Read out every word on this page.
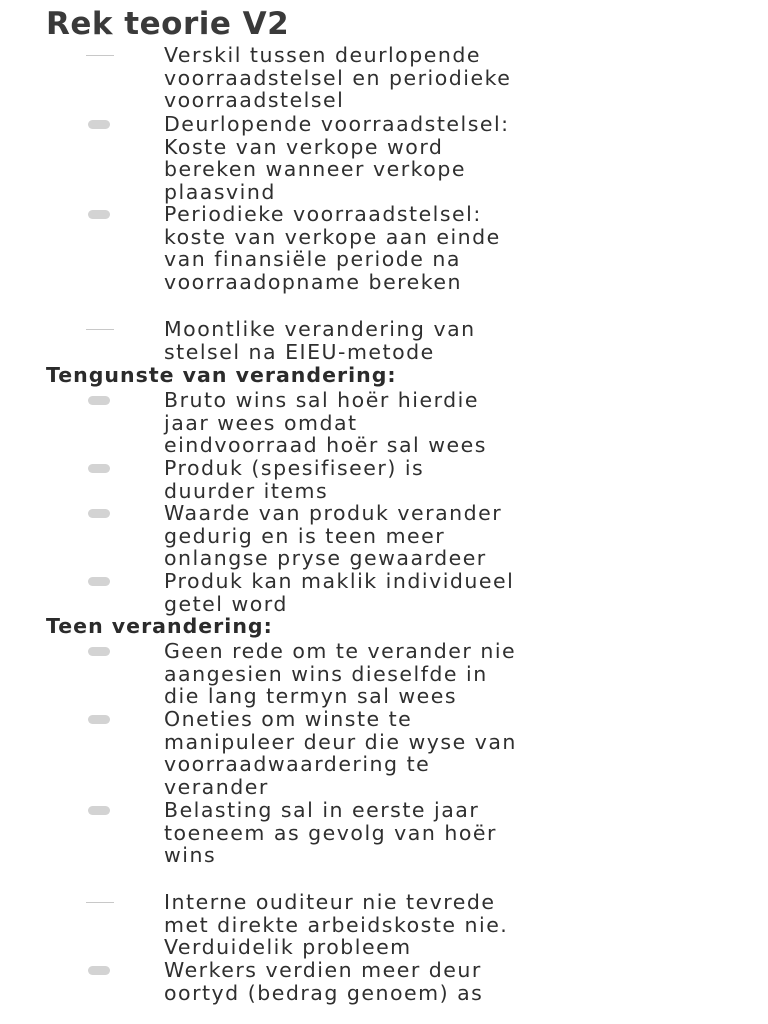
Rek teorie V2
Verskil tussen deurlopende
voorraadstelsel en periodieke
voorraadstelsel
Deurlopende voorraadstelsel:
Koste van verkope word
bereken wanneer verkope
plaasvind
Periodieke voorraadstelsel:
koste van verkope aan einde
van finansiële periode na
voorraadopname bereken
Moontlike verandering van
stelsel na EIEU-metode
Tengunste van verandering:
Bruto wins sal hoër hierdie
jaar wees omdat
eindvoorraad hoër sal wees
Produk (spesifiseer) is
duurder items
Waarde van produk verander
gedurig en is teen meer
onlangse pryse gewaardeer
Produk kan maklik individueel
getel word
Teen verandering:
Geen rede om te verander nie
aangesien wins dieselfde in
die lang termyn sal wees
Oneties om winste te
manipuleer deur die wyse van
voorraadwaardering te
verander
Belasting sal in eerste jaar
toeneem as gevolg van hoër
wins
Interne ouditeur nie tevrede
met direkte arbeidskoste nie.
Verduidelik probleem
Werkers verdien meer deur
oortyd (bedrag genoem) as
